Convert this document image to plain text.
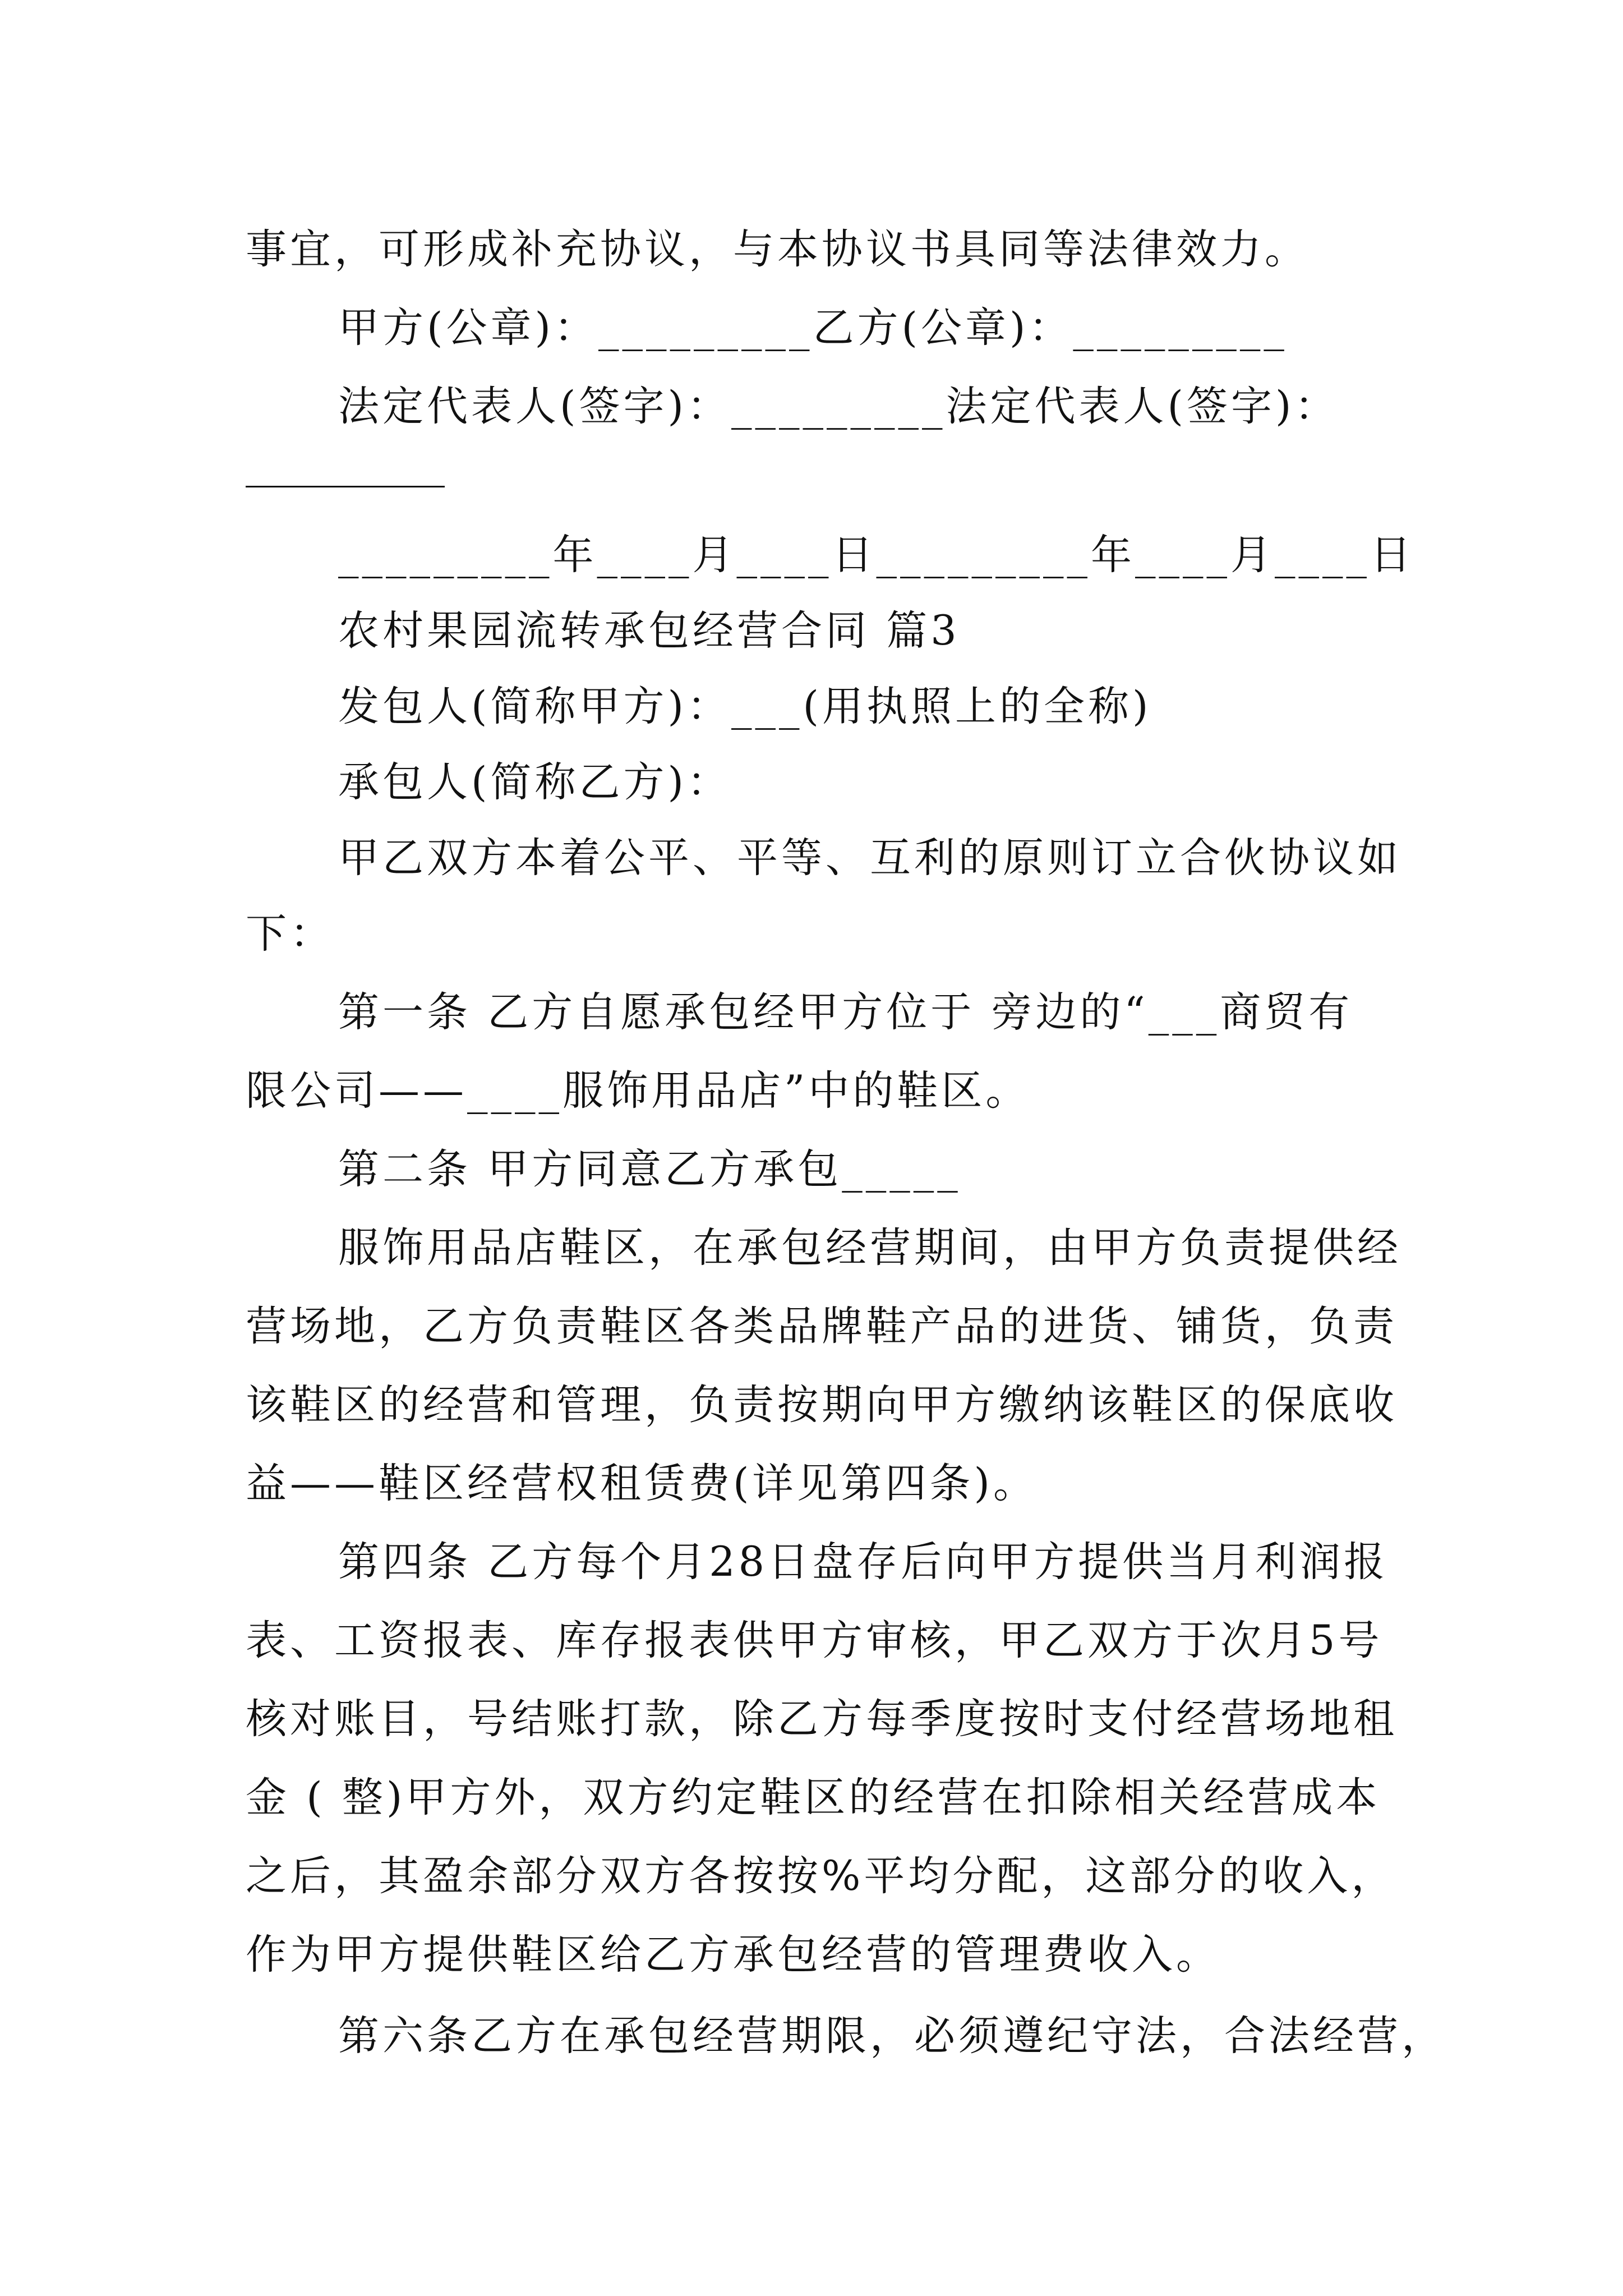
事宜，可形成补充协议，与本协议书具同等法律效力。
甲方(公章)：_________乙方(公章)：_________
法定代表人(签字)：_________法定代表人(签字)：
_________年____月____日_________年____月____日
农村果园流转承包经营合同 篇3
发包人(简称甲方)：___(用执照上的全称)
承包人(简称乙方)：
甲乙双方本着公平、平等、互利的原则订立合伙协议如
下：
第一条 乙方自愿承包经甲方位于 旁边的“___商贸有
限公司——____服饰用品店”中的鞋区。
第二条 甲方同意乙方承包_____
服饰用品店鞋区，在承包经营期间，由甲方负责提供经
营场地，乙方负责鞋区各类品牌鞋产品的进货、铺货，负责
该鞋区的经营和管理，负责按期向甲方缴纳该鞋区的保底收
益——鞋区经营权租赁费(详见第四条)。
第四条 乙方每个月28日盘存后向甲方提供当月利润报
表、工资报表、库存报表供甲方审核，甲乙双方于次月5号
核对账目，号结账打款，除乙方每季度按时支付经营场地租
金 ( 整)甲方外，双方约定鞋区的经营在扣除相关经营成本
之后，其盈余部分双方各按按%平均分配，这部分的收入，
作为甲方提供鞋区给乙方承包经营的管理费收入。
第六条乙方在承包经营期限，必须遵纪守法，合法经营，
